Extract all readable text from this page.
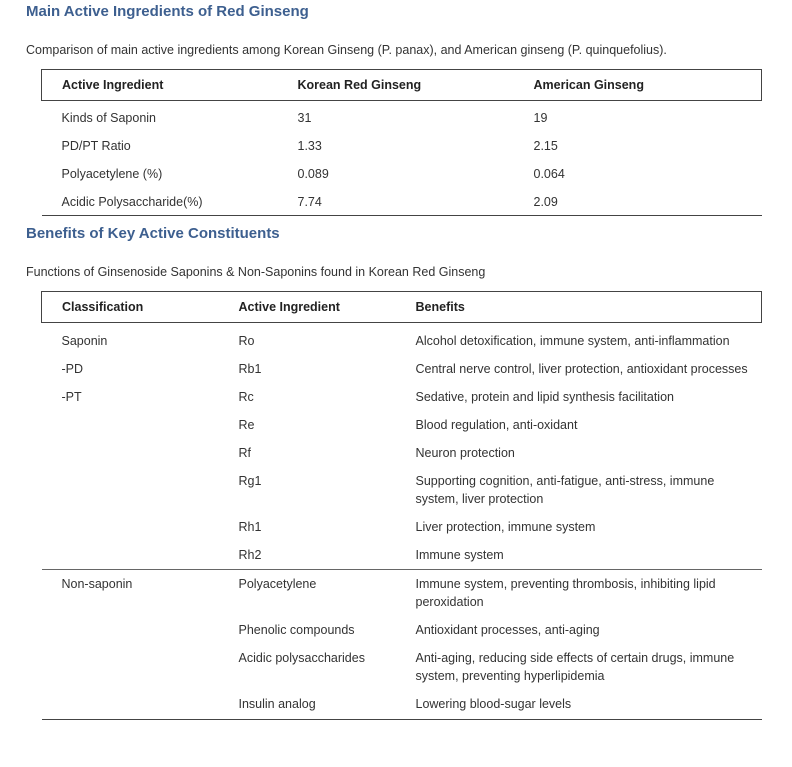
Main Active Ingredients of Red Ginseng

Comparison of main active ingredients among Korean Ginseng (P. panax), and American ginseng (P. quinquefolius).

Active Ingredient	Korean Red Ginseng	American Ginseng
Kinds of Saponin	31	19
PD/PT Ratio	1.33	2.15
Polyacetylene (%)	0.089	0.064
Acidic Polysaccharide(%)	7.74	2.09
Benefits of Key Active Constituents

Functions of Ginsenoside Saponins & Non-Saponins found in Korean Red Ginseng

Classification	Active Ingredient	Benefits
Saponin	Ro	Alcohol detoxification, immune system, anti-inflammation
-PD	Rb1	Central nerve control, liver protection, antioxidant processes
-PT	Rc	Sedative, protein and lipid synthesis facilitation
	Re	Blood regulation, anti-oxidant
	Rf	Neuron protection
	Rg1	Supporting cognition, anti-fatigue, anti-stress, immune system, liver protection
	Rh1	Liver protection, immune system
	Rh2	Immune system
Non-saponin	Polyacetylene	Immune system, preventing thrombosis, inhibiting lipid peroxidation
	Phenolic compounds	Antioxidant processes, anti-aging
	Acidic polysaccharides	Anti-aging, reducing side effects of certain drugs, immune system, preventing hyperlipidemia
	Insulin analog	Lowering blood-sugar levels
